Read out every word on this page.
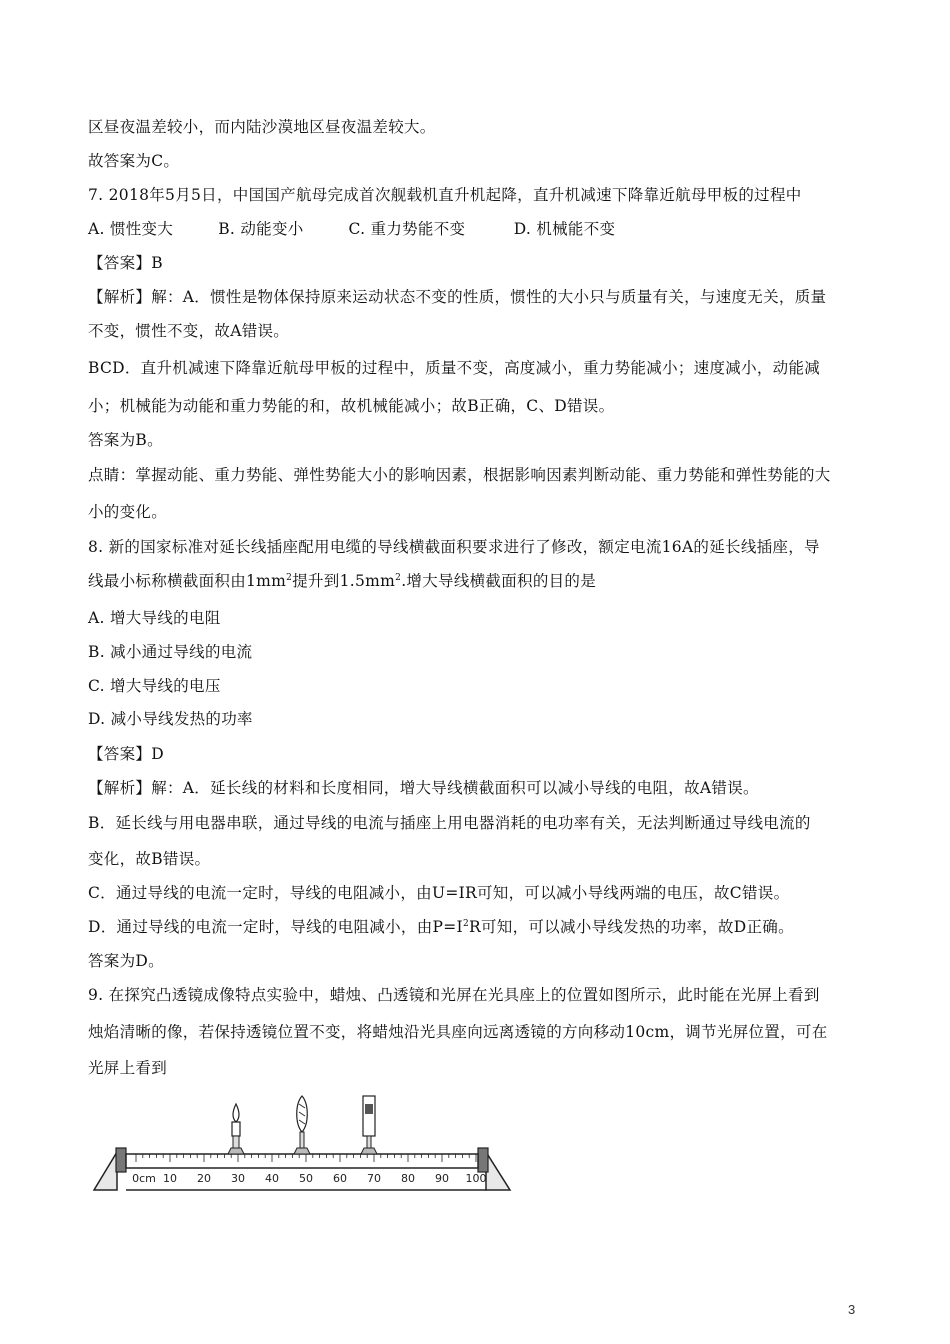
区昼夜温差较小，而内陆沙漠地区昼夜温差较大。
故答案为C。
7. 2018年5月5日，中国国产航母完成首次舰载机直升机起降，直升机减速下降靠近航母甲板的过程中
A. 惯性变大	B. 动能变小	C. 重力势能不变	D. 机械能不变
【答案】B
【解析】解：A．惯性是物体保持原来运动状态不变的性质，惯性的大小只与质量有关，与速度无关，质量
不变，惯性不变，故A错误。
BCD．直升机减速下降靠近航母甲板的过程中，质量不变，高度减小，重力势能减小；速度减小，动能减
小；机械能为动能和重力势能的和，故机械能减小；故B正确，C、D错误。
答案为B。
点睛：掌握动能、重力势能、弹性势能大小的影响因素，根据影响因素判断动能、重力势能和弹性势能的大
小的变化。
8. 新的国家标准对延长线插座配用电缆的导线横截面积要求进行了修改，额定电流16A的延长线插座，导
线最小标称横截面积由$1mm^2$提升到$1.5mm^2$.增大导线横截面积的目的是
A. 增大导线的电阻
B. 减小通过导线的电流
C. 增大导线的电压
D. 减小导线发热的功率
【答案】D
【解析】解：A．延长线的材料和长度相同，增大导线横截面积可以减小导线的电阻，故A错误。
B．延长线与用电器串联，通过导线的电流与插座上用电器消耗的电功率有关，无法判断通过导线电流的
变化，故B错误。
C．通过导线的电流一定时，导线的电阻减小，由U=IR可知，可以减小导线两端的电压，故C错误。
D．通过导线的电流一定时，导线的电阻减小，由$P=I^2R$可知，可以减小导线发热的功率，故D正确。
答案为D。
9. 在探究凸透镜成像特点实验中，蜡烛、凸透镜和光屏在光具座上的位置如图所示，此时能在光屏上看到
烛焰清晰的像，若保持透镜位置不变，将蜡烛沿光具座向远离透镜的方向移动10cm，调节光屏位置，可在
光屏上看到
0cm 10 20 30 40 50 60 70 80 90 100
3
